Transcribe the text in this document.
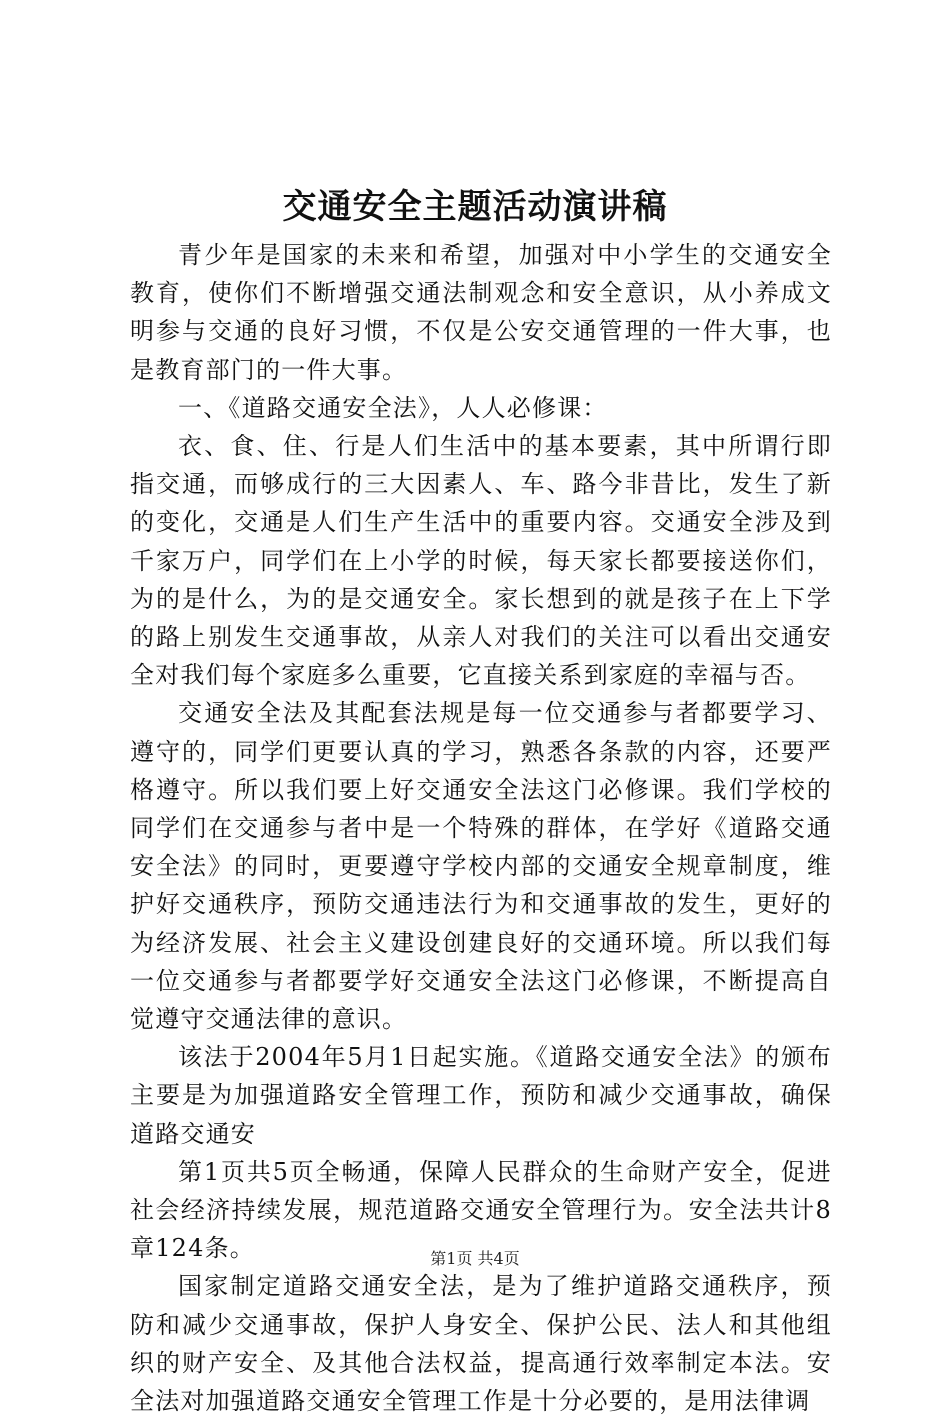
交通安全主题活动演讲稿

青少年是国家的未来和希望，加强对中小学生的交通安全教育，使你们不断增强交通法制观念和安全意识，从小养成文明参与交通的良好习惯，不仅是公安交通管理的一件大事，也是教育部门的一件大事。

一、《道路交通安全法》，人人必修课：

衣、食、住、行是人们生活中的基本要素，其中所谓行即指交通，而够成行的三大因素人、车、路今非昔比，发生了新的变化，交通是人们生产生活中的重要内容。交通安全涉及到千家万户，同学们在上小学的时候，每天家长都要接送你们，为的是什么，为的是交通安全。家长想到的就是孩子在上下学的路上别发生交通事故，从亲人对我们的关注可以看出交通安全对我们每个家庭多么重要，它直接关系到家庭的幸福与否。

交通安全法及其配套法规是每一位交通参与者都要学习、遵守的，同学们更要认真的学习，熟悉各条款的内容，还要严格遵守。所以我们要上好交通安全法这门必修课。我们学校的同学们在交通参与者中是一个特殊的群体，在学好《道路交通安全法》的同时，更要遵守学校内部的交通安全规章制度，维护好交通秩序，预防交通违法行为和交通事故的发生，更好的为经济发展、社会主义建设创建良好的交通环境。所以我们每一位交通参与者都要学好交通安全法这门必修课，不断提高自觉遵守交通法律的意识。

该法于2004年5月1日起实施。《道路交通安全法》的颁布主要是为加强道路安全管理工作，预防和减少交通事故，确保道路交通安

第1页共5页全畅通，保障人民群众的生命财产安全，促进社会经济持续发展，规范道路交通安全管理行为。安全法共计8章124条。

国家制定道路交通安全法，是为了维护道路交通秩序，预防和减少交通事故，保护人身安全、保护公民、法人和其他组织的财产安全、及其他合法权益，提高通行效率制定本法。安全法对加强道路交通安全管理工作是十分必要的，是用法律调

第1页 共4页
